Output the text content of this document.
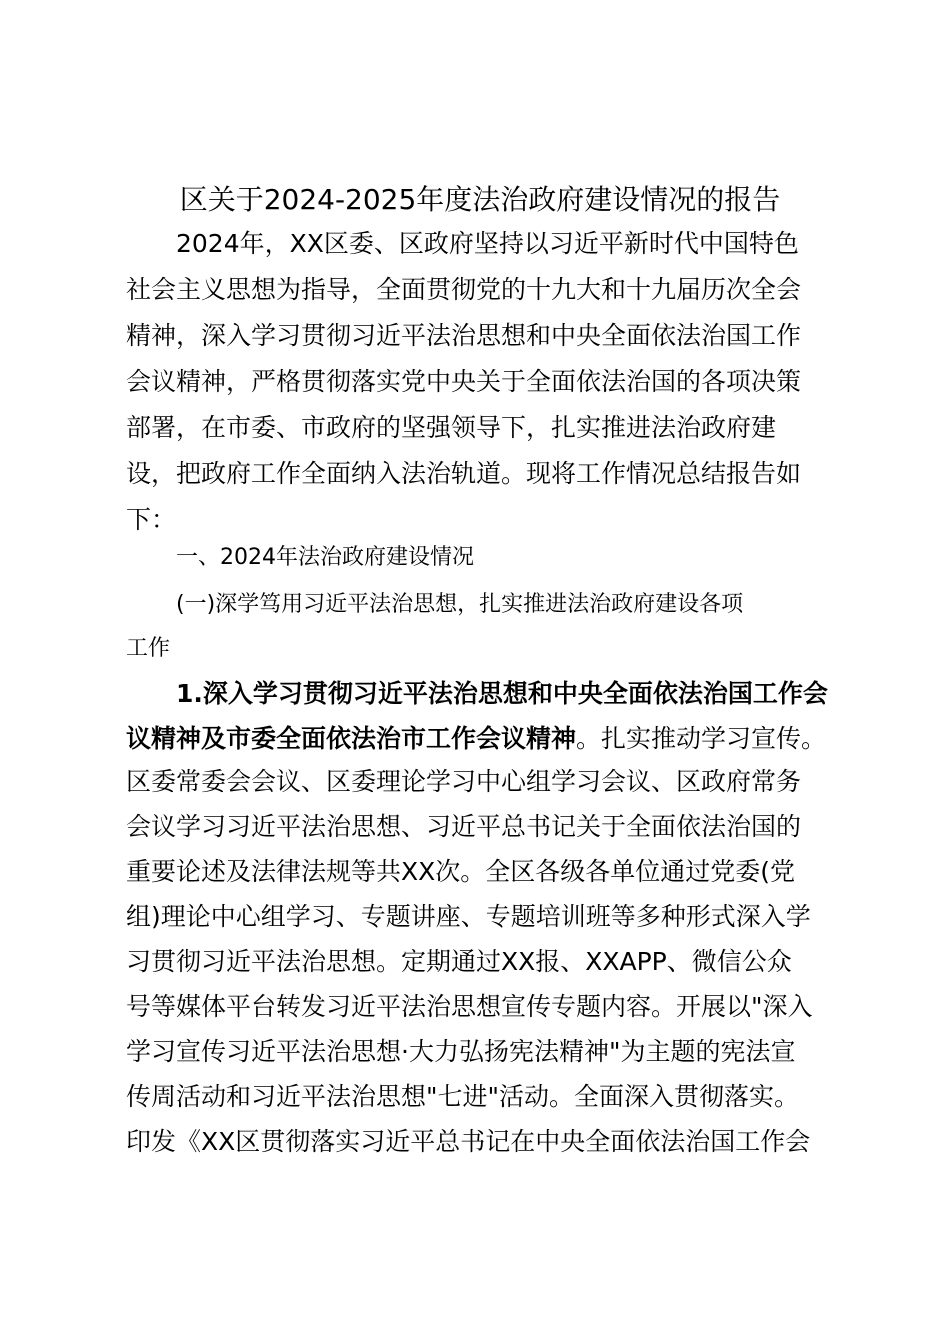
区关于2024-2025年度法治政府建设情况的报告
2024年，XX区委、区政府坚持以习近平新时代中国特色
社会主义思想为指导，全面贯彻党的十九大和十九届历次全会
精神，深入学习贯彻习近平法治思想和中央全面依法治国工作
会议精神，严格贯彻落实党中央关于全面依法治国的各项决策
部署，在市委、市政府的坚强领导下，扎实推进法治政府建
设，把政府工作全面纳入法治轨道。现将工作情况总结报告如
下：
一、2024年法治政府建设情况
(一)深学笃用习近平法治思想，扎实推进法治政府建设各项
工作
1.深入学习贯彻习近平法治思想和中央全面依法治国工作会
议精神及市委全面依法治市工作会议精神。扎实推动学习宣传。
区委常委会会议、区委理论学习中心组学习会议、区政府常务
会议学习习近平法治思想、习近平总书记关于全面依法治国的
重要论述及法律法规等共XX次。全区各级各单位通过党委(党
组)理论中心组学习、专题讲座、专题培训班等多种形式深入学
习贯彻习近平法治思想。定期通过XX报、XXAPP、微信公众
号等媒体平台转发习近平法治思想宣传专题内容。开展以"深入
学习宣传习近平法治思想·大力弘扬宪法精神"为主题的宪法宣
传周活动和习近平法治思想"七进"活动。全面深入贯彻落实。
印发《XX区贯彻落实习近平总书记在中央全面依法治国工作会
